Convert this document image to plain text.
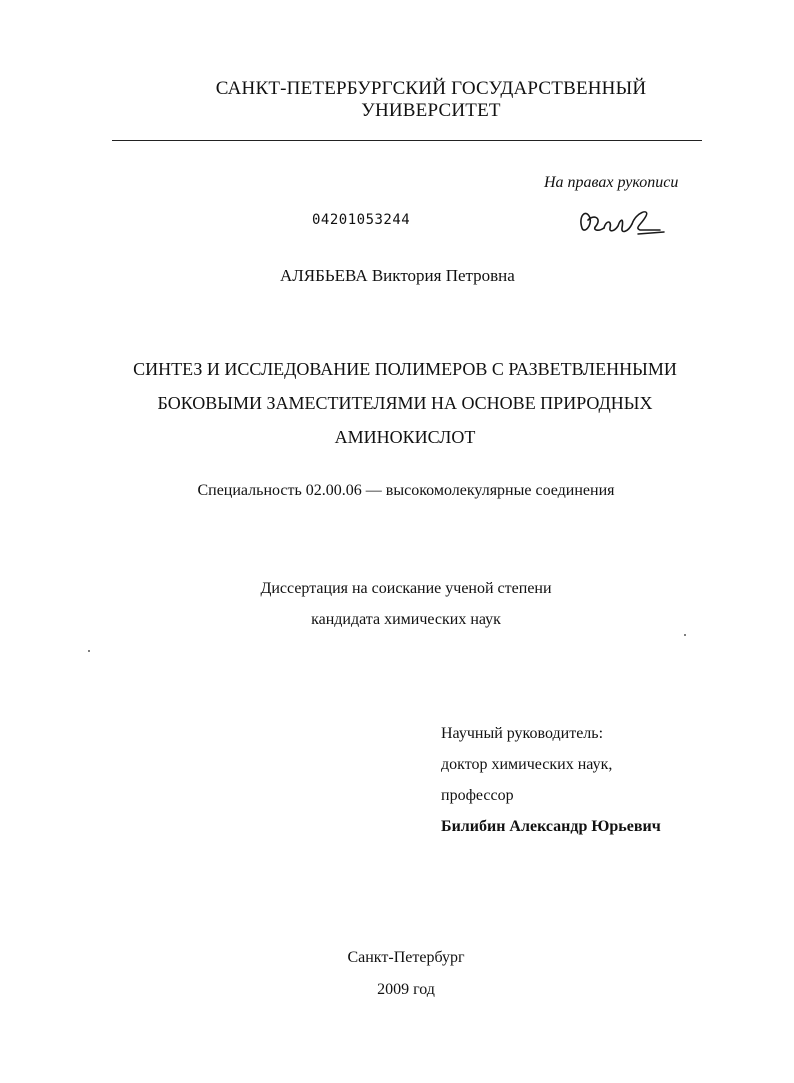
САНКТ-ПЕТЕРБУРГСКИЙ ГОСУДАРСТВЕННЫЙ
УНИВЕРСИТЕТ
На правах рукописи
04201053244
АЛЯБЬЕВА Виктория Петровна
СИНТЕЗ И ИССЛЕДОВАНИЕ ПОЛИМЕРОВ С РАЗВЕТВЛЕННЫМИ
БОКОВЫМИ ЗАМЕСТИТЕЛЯМИ НА ОСНОВЕ ПРИРОДНЫХ
АМИНОКИСЛОТ
Специальность 02.00.06 — высокомолекулярные соединения
Диссертация на соискание ученой степени
кандидата химических наук
Научный руководитель:
доктор химических наук,
профессор
Билибин Александр Юрьевич
Санкт-Петербург
2009 год
